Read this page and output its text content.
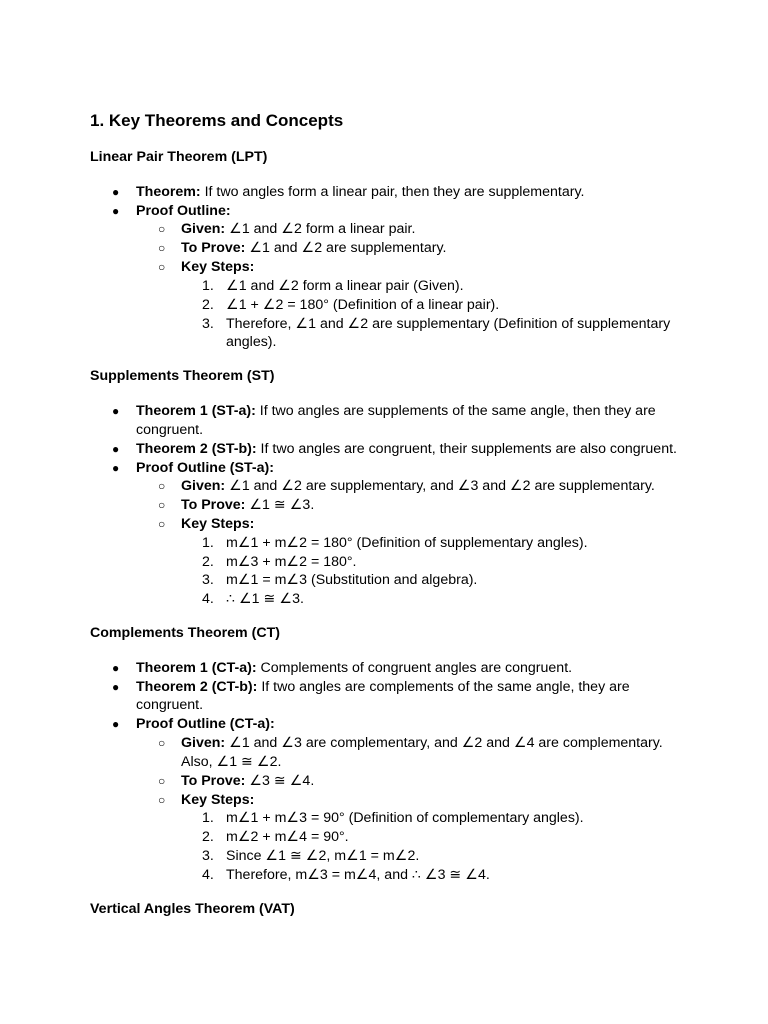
1. Key Theorems and Concepts
Linear Pair Theorem (LPT)
● Theorem: If two angles form a linear pair, then they are supplementary.
● Proof Outline:
○ Given: ∠1 and ∠2 form a linear pair.
○ To Prove: ∠1 and ∠2 are supplementary.
○ Key Steps:
1. ∠1 and ∠2 form a linear pair (Given).
2. ∠1 + ∠2 = 180° (Definition of a linear pair).
3. Therefore, ∠1 and ∠2 are supplementary (Definition of supplementary
angles).
Supplements Theorem (ST)
● Theorem 1 (ST-a): If two angles are supplements of the same angle, then they are
congruent.
● Theorem 2 (ST-b): If two angles are congruent, their supplements are also congruent.
● Proof Outline (ST-a):
○ Given: ∠1 and ∠2 are supplementary, and ∠3 and ∠2 are supplementary.
○ To Prove: ∠1 ≅ ∠3.
○ Key Steps:
1. m∠1 + m∠2 = 180° (Definition of supplementary angles).
2. m∠3 + m∠2 = 180°.
3. m∠1 = m∠3 (Substitution and algebra).
4. ∴ ∠1 ≅ ∠3.
Complements Theorem (CT)
● Theorem 1 (CT-a): Complements of congruent angles are congruent.
● Theorem 2 (CT-b): If two angles are complements of the same angle, they are
congruent.
● Proof Outline (CT-a):
○ Given: ∠1 and ∠3 are complementary, and ∠2 and ∠4 are complementary.
Also, ∠1 ≅ ∠2.
○ To Prove: ∠3 ≅ ∠4.
○ Key Steps:
1. m∠1 + m∠3 = 90° (Definition of complementary angles).
2. m∠2 + m∠4 = 90°.
3. Since ∠1 ≅ ∠2, m∠1 = m∠2.
4. Therefore, m∠3 = m∠4, and ∴ ∠3 ≅ ∠4.
Vertical Angles Theorem (VAT)
